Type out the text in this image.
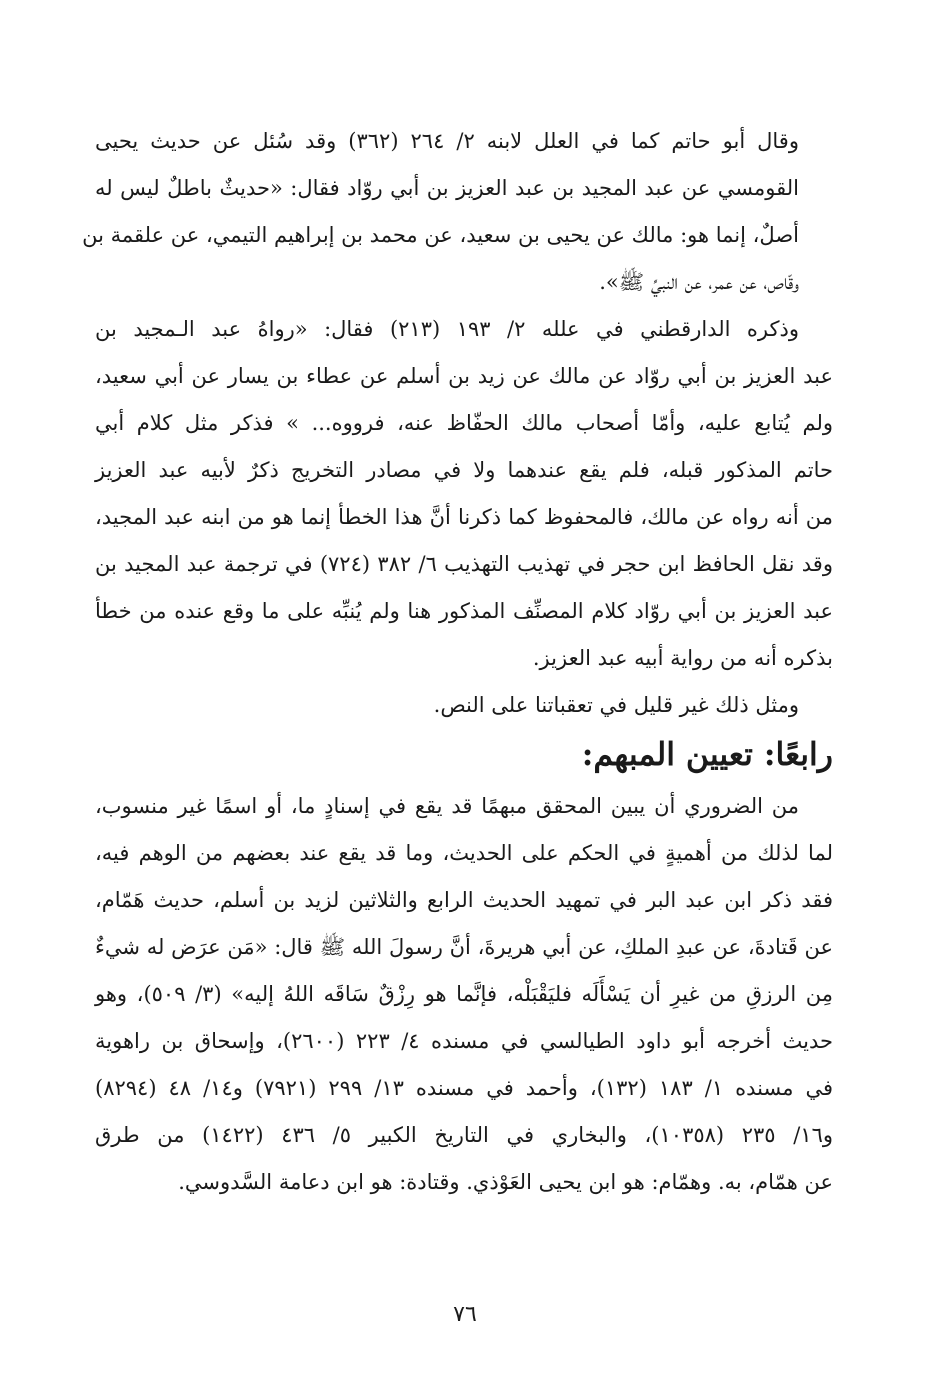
وقال أبو حاتم كما في العلل لابنه ٢/ ٢٦٤ (٣٦٢) وقد سُئل عن حديث يحيى
القومسي عن عبد المجيد بن عبد العزيز بن أبي روّاد فقال: «حديثٌ باطلٌ ليس له
أصلٌ، إنما هو: مالك عن يحيى بن سعيد، عن محمد بن إبراهيم التيمي، عن علقمة بن
وقّاص، عن عمر، عن النبيِّ ﷺ».
وذكره الدارقطني في علله ٢/ ١٩٣ (٢١٣) فقال: «رواهُ عبد الـمجيد بن
عبد العزيز بن أبي روّاد عن مالك عن زيد بن أسلم عن عطاء بن يسار عن أبي سعيد،
ولم يُتابع عليه، وأمّا أصحاب مالك الحفّاظ عنه، فرووه... » فذكر مثل كلام أبي
حاتم المذكور قبله، فلم يقع عندهما ولا في مصادر التخريج ذكرٌ لأبيه عبد العزيز
من أنه رواه عن مالك، فالمحفوظ كما ذكرنا أنَّ هذا الخطأ إنما هو من ابنه عبد المجيد،
وقد نقل الحافظ ابن حجر في تهذيب التهذيب ٦/ ٣٨٢ (٧٢٤) في ترجمة عبد المجيد بن
عبد العزيز بن أبي روّاد كلام المصنِّف المذكور هنا ولم يُنبِّه على ما وقع عنده من خطأ
بذكره أنه من رواية أبيه عبد العزيز.
ومثل ذلك غير قليل في تعقباتنا على النص.
رابعًا: تعيين المبهم:
من الضروري أن يبين المحقق مبهمًا قد يقع في إسنادٍ ما، أو اسمًا غير منسوب،
لما لذلك من أهميةٍ في الحكم على الحديث، وما قد يقع عند بعضهم من الوهم فيه،
فقد ذكر ابن عبد البر في تمهيد الحديث الرابع والثلاثين لزيد بن أسلم، حديث هَمّام،
عن قَتادةَ، عن عبدِ الملكِ، عن أبي هريرةَ، أنَّ رسولَ الله ﷺ قال: «مَن عرَض له شيءٌ
مِن الرزقِ من غيرِ أن يَسْأَلَه فليَقْبَلْه، فإنَّما هو رِزْقٌ سَاقَه اللهُ إليه» (٣/ ٥٠٩)، وهو
حديث أخرجه أبو داود الطيالسي في مسنده ٤/ ٢٢٣ (٢٦٠٠)، وإسحاق بن راهوية
في مسنده ١/ ١٨٣ (١٣٢)، وأحمد في مسنده ١٣/ ٢٩٩ (٧٩٢١) و١٤/ ٤٨ (٨٢٩٤)
و١٦/ ٢٣٥ (١٠٣٥٨)، والبخاري في التاريخ الكبير ٥/ ٤٣٦ (١٤٢٢) من طرق
عن همّام، به. وهمّام: هو ابن يحيى العَوْذي. وقتادة: هو ابن دعامة السَّدوسي.
٧٦
